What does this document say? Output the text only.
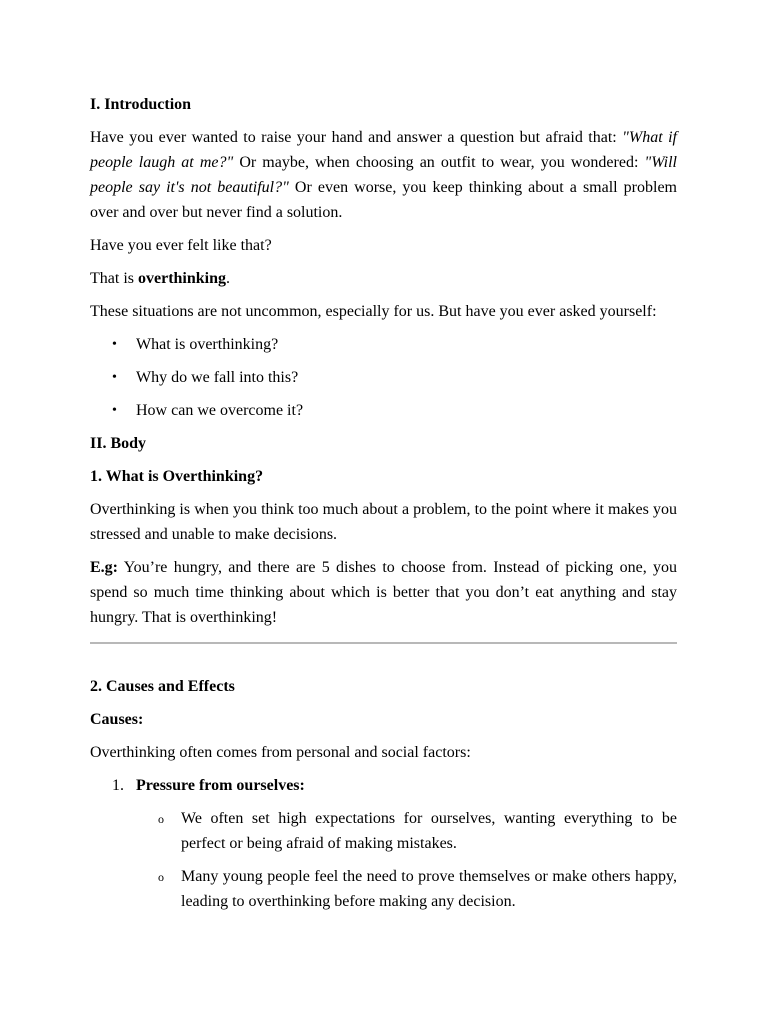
I. Introduction

Have you ever wanted to raise your hand and answer a question but afraid that: "What if people laugh at me?" Or maybe, when choosing an outfit to wear, you wondered: "Will people say it's not beautiful?" Or even worse, you keep thinking about a small problem over and over but never find a solution.

Have you ever felt like that?

That is overthinking.

These situations are not uncommon, especially for us. But have you ever asked yourself:

• What is overthinking?
• Why do we fall into this?
• How can we overcome it?
II. Body
1. What is Overthinking?

Overthinking is when you think too much about a problem, to the point where it makes you stressed and unable to make decisions.

E.g: You’re hungry, and there are 5 dishes to choose from. Instead of picking one, you spend so much time thinking about which is better that you don’t eat anything and stay hungry. That is overthinking!

2. Causes and Effects
Causes:

Overthinking often comes from personal and social factors:

1. Pressure from ourselves:
o We often set high expectations for ourselves, wanting everything to be perfect or being afraid of making mistakes.
o Many young people feel the need to prove themselves or make others happy, leading to overthinking before making any decision.
